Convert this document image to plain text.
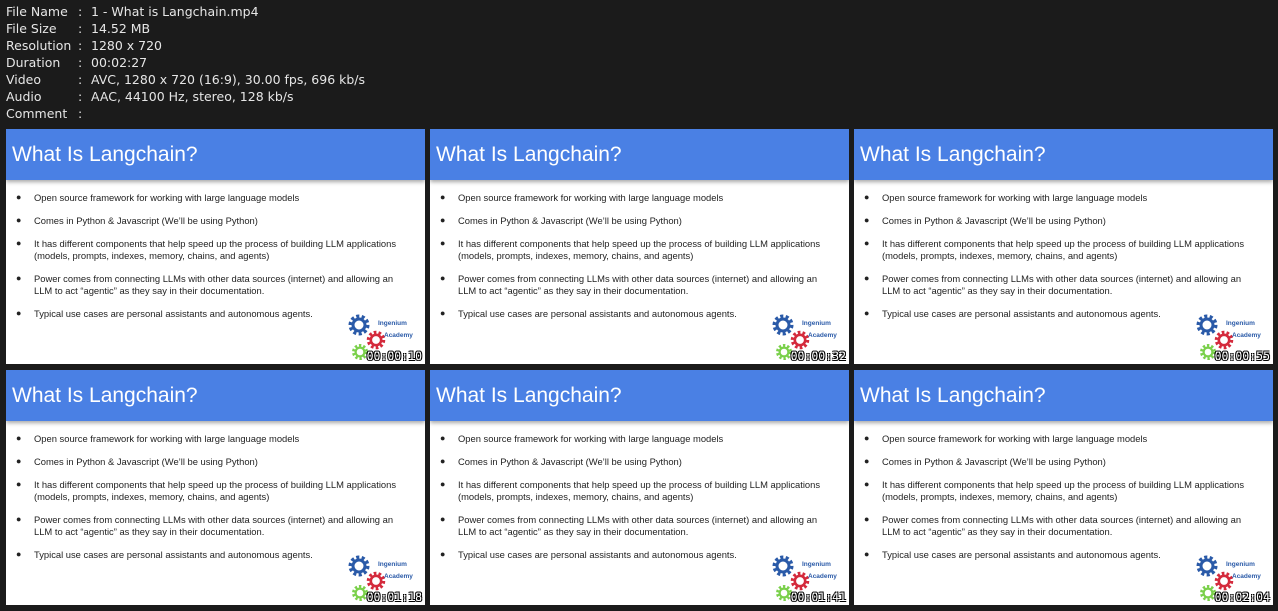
File Name : 1 - What is Langchain.mp4
File Size	: 14.52 MB
Resolution : 1280 x 720
Duration	: 00:02:27
Video	: AVC, 1280 x 720 (16:9), 30.00 fps, 696 kb/s
Audio	: AAC, 44100 Hz, stereo, 128 kb/s
Comment :
What Is Langchain?
●	Open source framework for working with large language models
●	Comes in Python & Javascript (We’ll be using Python)
●	It has different components that help speed up the process of building LLM applications
(models, prompts, indexes, memory, chains, and agents)
●	Power comes from connecting LLMs with other data sources (internet) and allowing an
LLM to act “agentic” as they say in their documentation.
●	Typical use cases are personal assistants and autonomous agents.
Ingenium
Academy
00:00:10
What Is Langchain?
●	Open source framework for working with large language models
●	Comes in Python & Javascript (We’ll be using Python)
●	It has different components that help speed up the process of building LLM applications
(models, prompts, indexes, memory, chains, and agents)
●	Power comes from connecting LLMs with other data sources (internet) and allowing an
LLM to act “agentic” as they say in their documentation.
●	Typical use cases are personal assistants and autonomous agents.
Ingenium
Academy
00:00:32
What Is Langchain?
●	Open source framework for working with large language models
●	Comes in Python & Javascript (We’ll be using Python)
●	It has different components that help speed up the process of building LLM applications
(models, prompts, indexes, memory, chains, and agents)
●	Power comes from connecting LLMs with other data sources (internet) and allowing an
LLM to act “agentic” as they say in their documentation.
●	Typical use cases are personal assistants and autonomous agents.
Ingenium
Academy
00:00:55
What Is Langchain?
●	Open source framework for working with large language models
●	Comes in Python & Javascript (We’ll be using Python)
●	It has different components that help speed up the process of building LLM applications
(models, prompts, indexes, memory, chains, and agents)
●	Power comes from connecting LLMs with other data sources (internet) and allowing an
LLM to act “agentic” as they say in their documentation.
●	Typical use cases are personal assistants and autonomous agents.
Ingenium
Academy
00:01:18
What Is Langchain?
●	Open source framework for working with large language models
●	Comes in Python & Javascript (We’ll be using Python)
●	It has different components that help speed up the process of building LLM applications
(models, prompts, indexes, memory, chains, and agents)
●	Power comes from connecting LLMs with other data sources (internet) and allowing an
LLM to act “agentic” as they say in their documentation.
●	Typical use cases are personal assistants and autonomous agents.
Ingenium
Academy
00:01:41
What Is Langchain?
●	Open source framework for working with large language models
●	Comes in Python & Javascript (We’ll be using Python)
●	It has different components that help speed up the process of building LLM applications
(models, prompts, indexes, memory, chains, and agents)
●	Power comes from connecting LLMs with other data sources (internet) and allowing an
LLM to act “agentic” as they say in their documentation.
●	Typical use cases are personal assistants and autonomous agents.
Ingenium
Academy
00:02:04
